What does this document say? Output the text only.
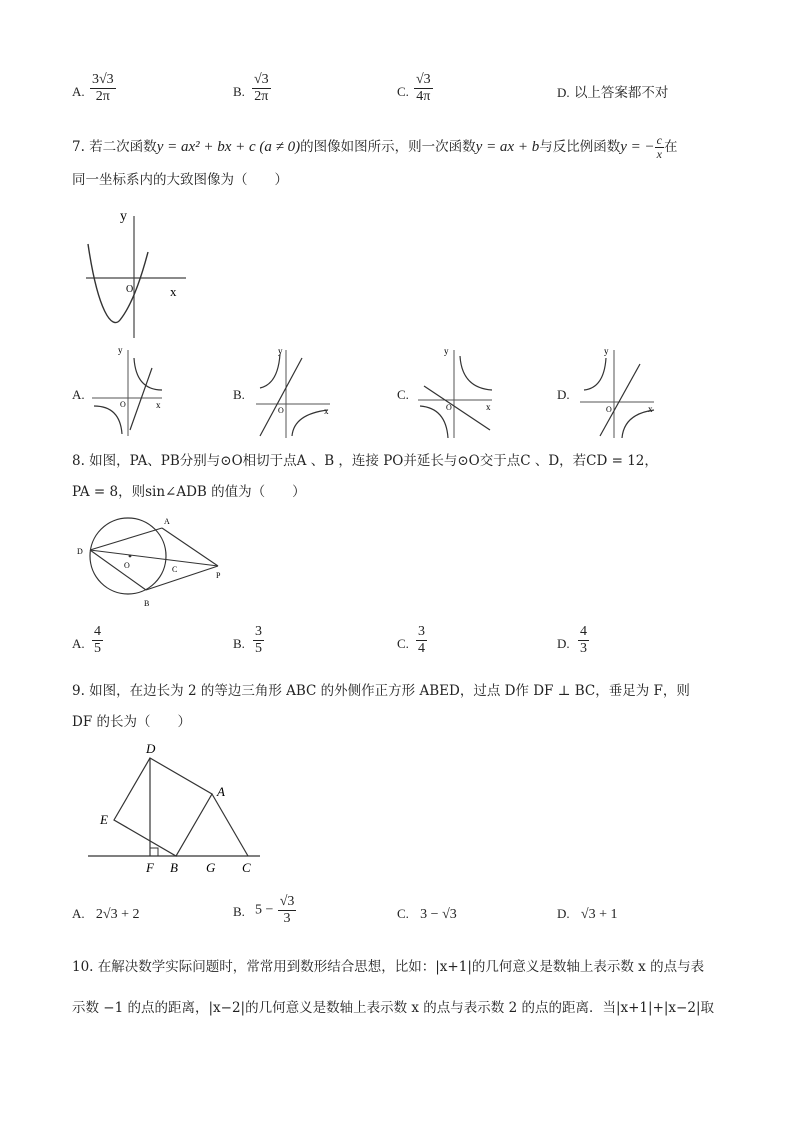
A. $\frac{3√3}{2\pi}$	B. $\frac{√3}{2\pi}$	C. $\frac{√3}{4\pi}$	D. 以上答案都不对
7. 若二次函数y = ax² + bx + c (a ≠ 0)的图像如图所示，则一次函数y = ax + b与反比例函数y = − $\frac{c}{x}$ 在
同一坐标系内的大致图像为（　　）
y
O	x
A.
y
O	x
B.
y
O	x
C.
y
O	x
D.
y
O	x
8. 如图，PA、PB分别与⊙O相切于点A 、B ，连接 PO并延长与⊙O交于点C 、D，若CD = 12，
PA = 8，则sin∠ADB 的值为（　　）
A
B
C
D
O
P
A. $\frac{4}{5}$	B. $\frac{3}{5}$	C. $\frac{3}{4}$	D. $\frac{4}{3}$
9. 如图，在边长为 2 的等边三角形 ABC 的外侧作正方形 ABED，过点 D作 DF ⊥ BC，垂足为 F，则
DF 的长为（　　）
D
A
E
F B G C
A. 2√3 + 2	B. $5 - \frac{√3}{3}$	C. 3 − √3	D. √3 + 1
10. 在解决数学实际问题时，常常用到数形结合思想，比如：|x+1|的几何意义是数轴上表示数 x 的点与表
示数 −1 的点的距离，|x−2|的几何意义是数轴上表示数 x 的点与表示数 2 的点的距离．当|x+1|+|x−2|取
